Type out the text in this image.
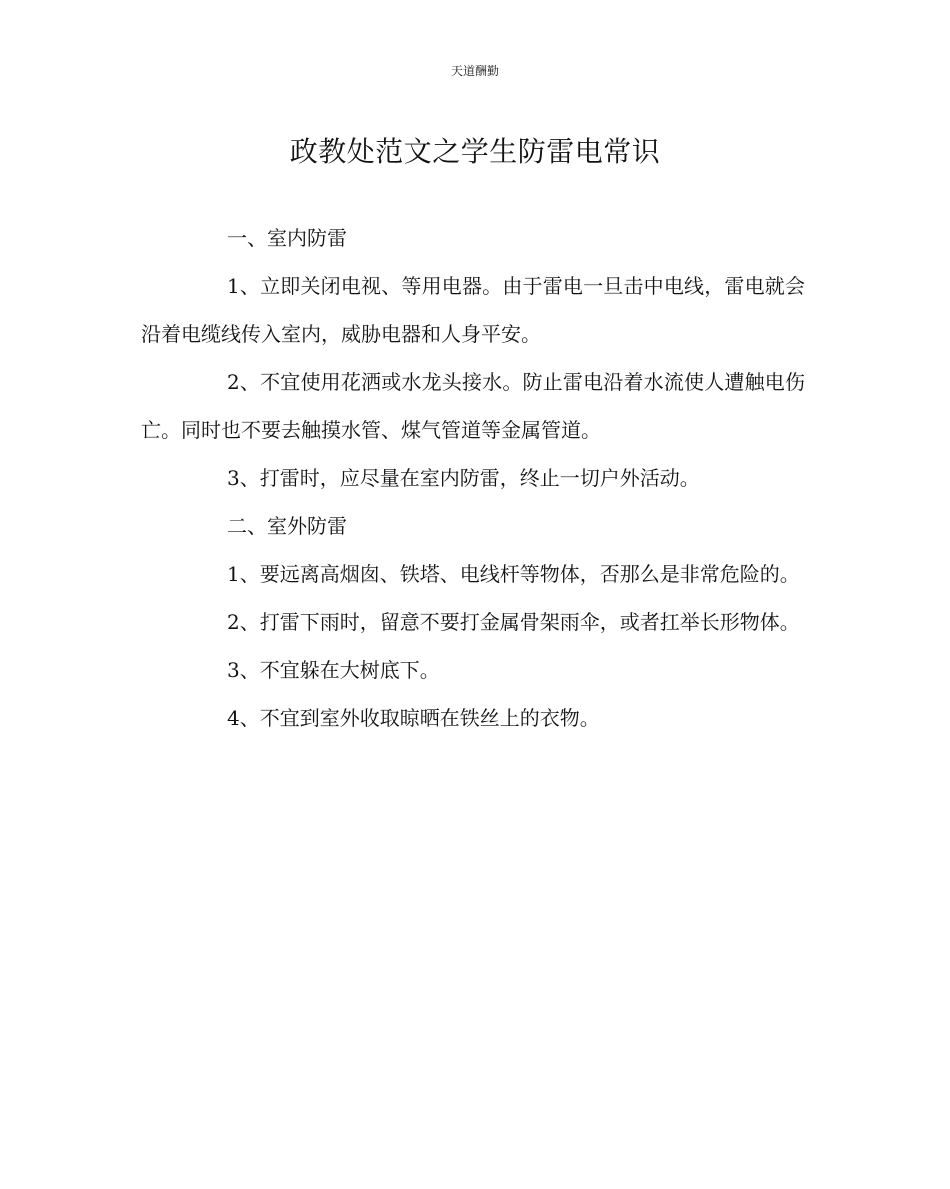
天道酬勤
政教处范文之学生防雷电常识

一、室内防雷

1、立即关闭电视、等用电器。由于雷电一旦击中电线，雷电就会沿着电缆线传入室内，威胁电器和人身平安。

2、不宜使用花洒或水龙头接水。防止雷电沿着水流使人遭触电伤亡。同时也不要去触摸水管、煤气管道等金属管道。

3、打雷时，应尽量在室内防雷，终止一切户外活动。

二、室外防雷

1、要远离高烟囱、铁塔、电线杆等物体，否那么是非常危险的。

2、打雷下雨时，留意不要打金属骨架雨伞，或者扛举长形物体。

3、不宜躲在大树底下。

4、不宜到室外收取晾晒在铁丝上的衣物。
